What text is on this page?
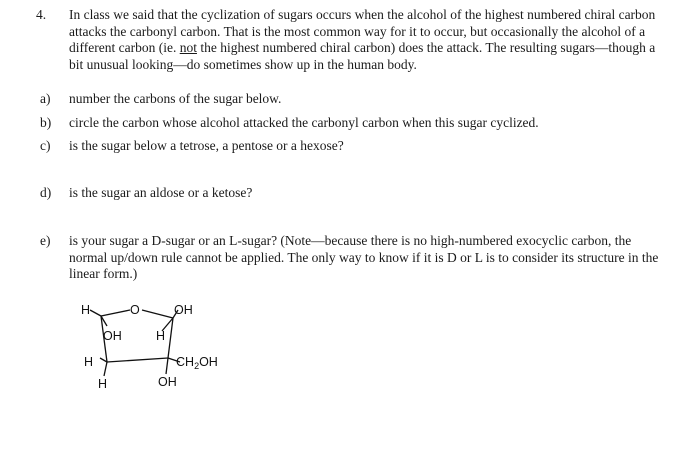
4. In class we said that the cyclization of sugars occurs when the alcohol of the highest numbered chiral carbon attacks the carbonyl carbon. That is the most common way for it to occur, but occasionally the alcohol of a different carbon (ie. not the highest numbered chiral carbon) does the attack. The resulting sugars—though a bit unusual looking—do sometimes show up in the human body.
a)	number the carbons of the sugar below.
b)	circle the carbon whose alcohol attacked the carbonyl carbon when this sugar cyclized.
c)	is the sugar below a tetrose, a pentose or a hexose?
d)	is the sugar an aldose or a ketose?
e)	is your sugar a D-sugar or an L-sugar? (Note—because there is no high-numbered exocyclic carbon, the normal up/down rule cannot be applied. The only way to know if it is D or L is to consider its structure in the linear form.)
H	O	OH
OH	H
H	$CH_2OH$
H	OH
